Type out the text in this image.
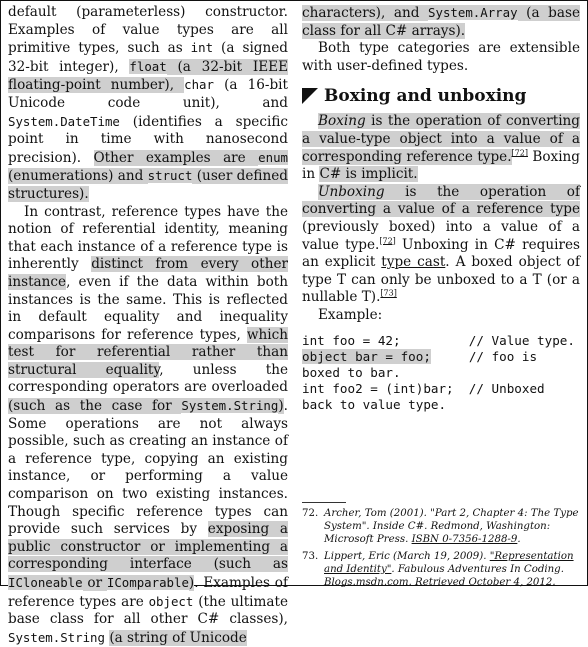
default (parameterless) constructor. Examples of value types are all primitive types, such as int (a signed 32-bit integer), float (a 32-bit IEEE floating-point number), char (a 16-bit Unicode code unit), and System.DateTime (identifies a specific point in time with nanosecond precision). Other examples are enum (enumerations) and struct (user defined structures).

In contrast, reference types have the notion of referential identity, meaning that each instance of a reference type is inherently distinct from every other instance, even if the data within both instances is the same. This is reflected in default equality and inequality comparisons for reference types, which test for referential rather than structural equality, unless the corresponding operators are overloaded (such as the case for System.String). Some operations are not always possible, such as creating an instance of a reference type, copying an existing instance, or performing a value comparison on two existing instances. Though specific reference types can provide such services by exposing a public constructor or implementing a corresponding interface (such as ICloneable or IComparable). Examples of reference types are object (the ultimate base class for all other C# classes), System.String (a string of Unicode

characters), and System.Array (a base class for all C# arrays).

Both type categories are extensible with user-defined types.

Boxing and unboxing

Boxing is the operation of converting a value-type object into a value of a corresponding reference type.[72] Boxing in C# is implicit.

Unboxing is the operation of converting a value of a reference type (previously boxed) into a value of a value type.[72] Unboxing in C# requires an explicit type cast. A boxed object of type T can only be unboxed to a T (or a nullable T).[73]

Example:

int foo = 42;         // Value type.
object bar = foo;     // foo is
boxed to bar.
int foo2 = (int)bar;  // Unboxed
back to value type.
72. Archer, Tom (2001). "Part 2, Chapter 4: The Type System". Inside C#. Redmond, Washington: Microsoft Press. ISBN 0-7356-1288-9.
73. Lippert, Eric (March 19, 2009). "Representation and Identity". Fabulous Adventures In Coding. Blogs.msdn.com. Retrieved October 4, 2012.
